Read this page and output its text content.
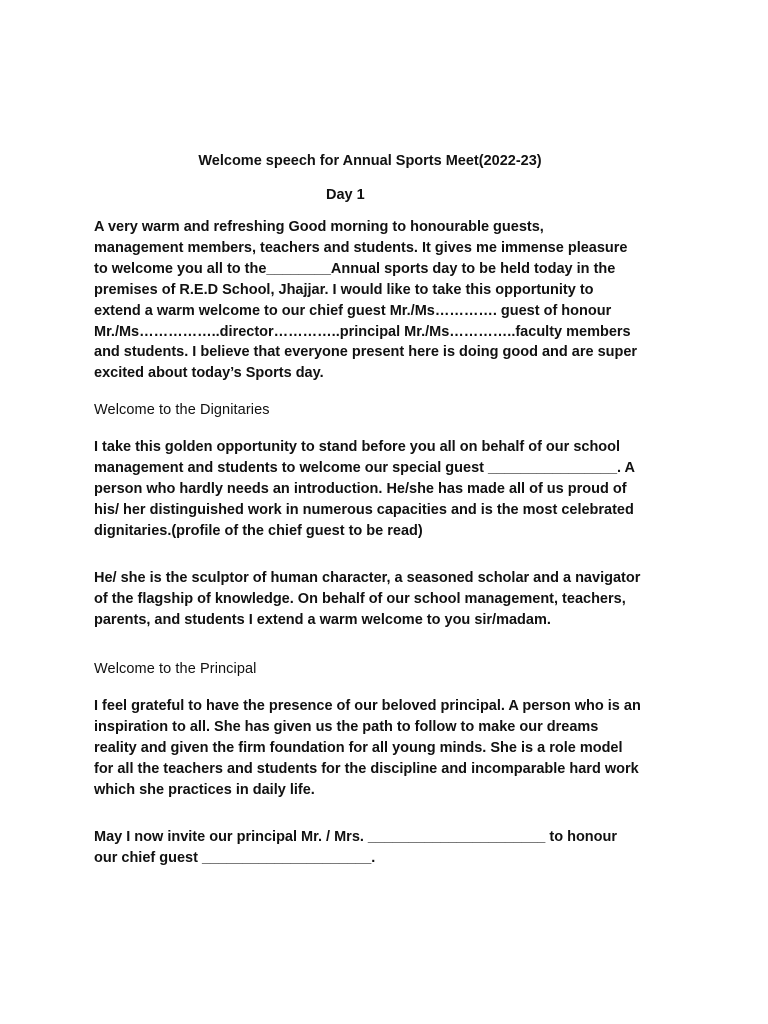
Welcome speech for Annual Sports Meet(2022-23)
Day 1
A very warm and refreshing Good morning to honourable guests,
management members, teachers and students. It gives me immense pleasure
to welcome you all to the________Annual sports day to be held today in the
premises of R.E.D School, Jhajjar. I would like to take this opportunity to
extend a warm welcome to our chief guest Mr./Ms…………. guest of honour
Mr./Ms……………..director…………..principal Mr./Ms…………..faculty members
and students. I believe that everyone present here is doing good and are super
excited about today’s Sports day.
Welcome to the Dignitaries
I take this golden opportunity to stand before you all on behalf of our school
management and students to welcome our special guest ________________. A
person who hardly needs an introduction. He/she has made all of us proud of
his/ her distinguished work in numerous capacities and is the most celebrated
dignitaries.(profile of the chief guest to be read)
He/ she is the sculptor of human character, a seasoned scholar and a navigator
of the flagship of knowledge. On behalf of our school management, teachers,
parents, and students I extend a warm welcome to you sir/madam.
Welcome to the Principal
I feel grateful to have the presence of our beloved principal. A person who is an
inspiration to all. She has given us the path to follow to make our dreams
reality and given the firm foundation for all young minds. She is a role model
for all the teachers and students for the discipline and incomparable hard work
which she practices in daily life.
May I now invite our principal Mr. / Mrs. ______________________ to honour
our chief guest _____________________.
